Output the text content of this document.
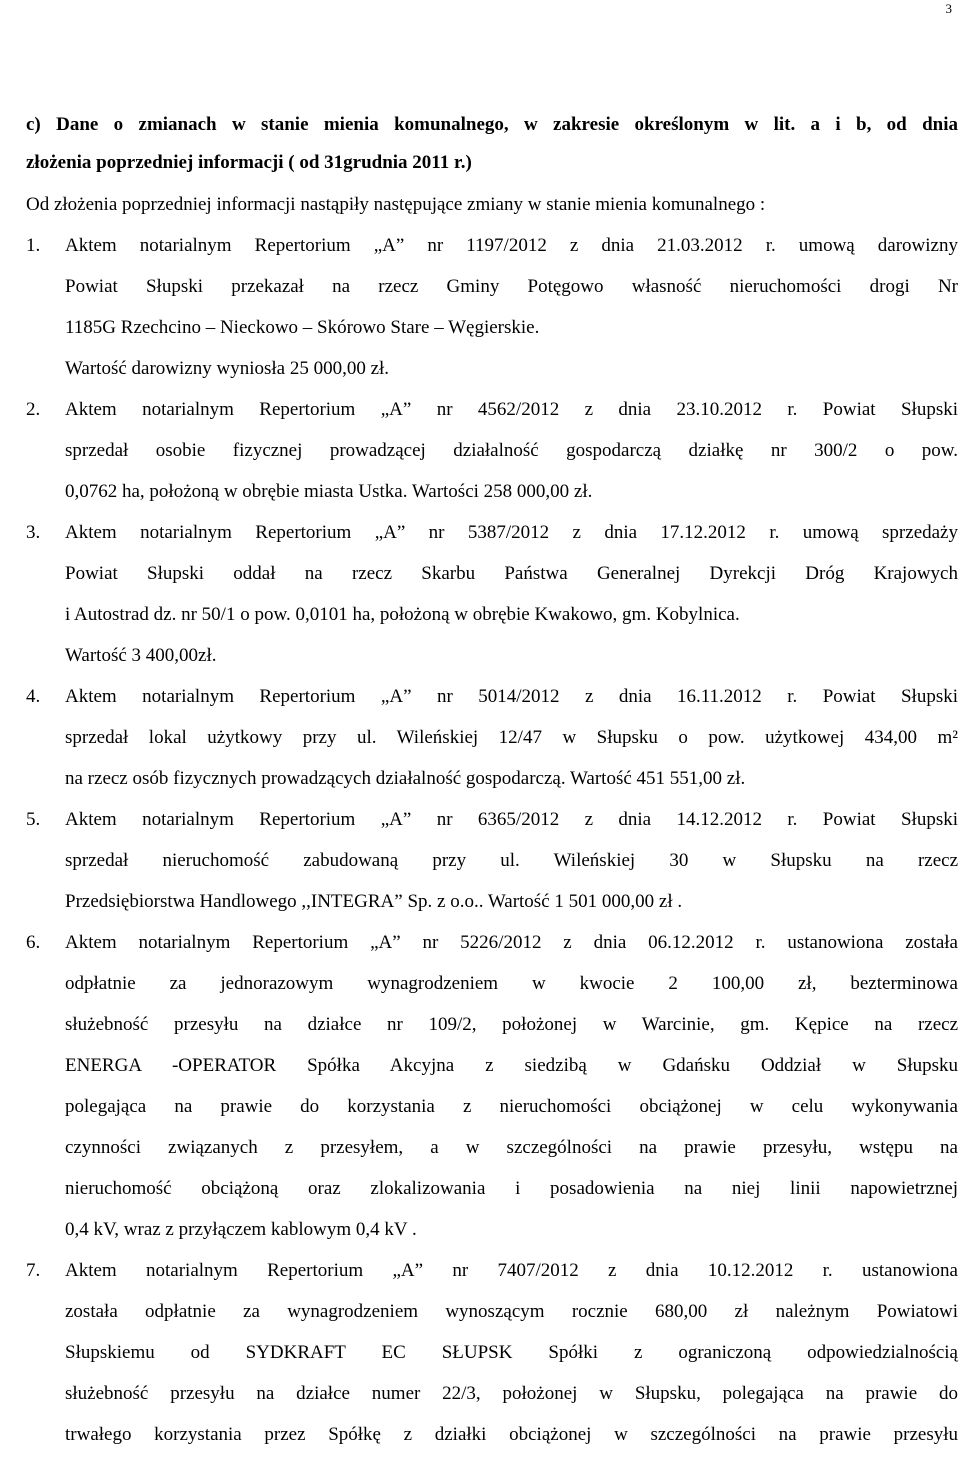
3

c) Dane o zmianach w stanie mienia komunalnego, w zakresie określonym w lit. a i b, od dnia
złożenia poprzedniej informacji ( od 31grudnia 2011 r.)

Od złożenia poprzedniej informacji nastąpiły następujące zmiany w stanie mienia komunalnego :

1. Aktem notarialnym Repertorium „A” nr 1197/2012 z dnia 21.03.2012 r. umową darowizny
Powiat Słupski przekazał na rzecz Gminy Potęgowo własność nieruchomości drogi Nr
1185G Rzechcino – Nieckowo – Skórowo Stare – Węgierskie.
Wartość darowizny wyniosła 25 000,00 zł.
2. Aktem notarialnym Repertorium „A” nr 4562/2012 z dnia 23.10.2012 r. Powiat Słupski
sprzedał osobie fizycznej prowadzącej działalność gospodarczą działkę nr 300/2 o pow.
0,0762 ha, położoną w obrębie miasta Ustka. Wartości 258 000,00 zł.
3. Aktem notarialnym Repertorium „A” nr 5387/2012 z dnia 17.12.2012 r. umową sprzedaży
Powiat Słupski oddał na rzecz Skarbu Państwa Generalnej Dyrekcji Dróg Krajowych
i Autostrad dz. nr 50/1 o pow. 0,0101 ha, położoną w obrębie Kwakowo, gm. Kobylnica.
Wartość 3 400,00zł.
4. Aktem notarialnym Repertorium „A” nr 5014/2012 z dnia 16.11.2012 r. Powiat Słupski
sprzedał lokal użytkowy przy ul. Wileńskiej 12/47 w Słupsku o pow. użytkowej 434,00 m²
na rzecz osób fizycznych prowadzących działalność gospodarczą. Wartość 451 551,00 zł.
5. Aktem notarialnym Repertorium „A” nr 6365/2012 z dnia 14.12.2012 r. Powiat Słupski
sprzedał nieruchomość zabudowaną przy ul. Wileńskiej 30 w Słupsku na rzecz
Przedsiębiorstwa Handlowego ,,INTEGRA” Sp. z o.o.. Wartość 1 501 000,00 zł .
6. Aktem notarialnym Repertorium „A” nr 5226/2012 z dnia 06.12.2012 r. ustanowiona została
odpłatnie za jednorazowym wynagrodzeniem w kwocie 2 100,00 zł, bezterminowa
służebność przesyłu na działce nr 109/2, położonej w Warcinie, gm. Kępice na rzecz
ENERGA -OPERATOR Spółka Akcyjna z siedzibą w Gdańsku Oddział w Słupsku
polegająca na prawie do korzystania z nieruchomości obciążonej w celu wykonywania
czynności związanych z przesyłem, a w szczególności na prawie przesyłu, wstępu na
nieruchomość obciążoną oraz zlokalizowania i posadowienia na niej linii napowietrznej
0,4 kV, wraz z przyłączem kablowym 0,4 kV .
7. Aktem notarialnym Repertorium „A” nr 7407/2012 z dnia 10.12.2012 r. ustanowiona
została odpłatnie za wynagrodzeniem wynoszącym rocznie 680,00 zł należnym Powiatowi
Słupskiemu od SYDKRAFT EC SŁUPSK Spółki z ograniczoną odpowiedzialnością
służebność przesyłu na działce numer 22/3, położonej w Słupsku, polegająca na prawie do
trwałego korzystania przez Spółkę z działki obciążonej w szczególności na prawie przesyłu
